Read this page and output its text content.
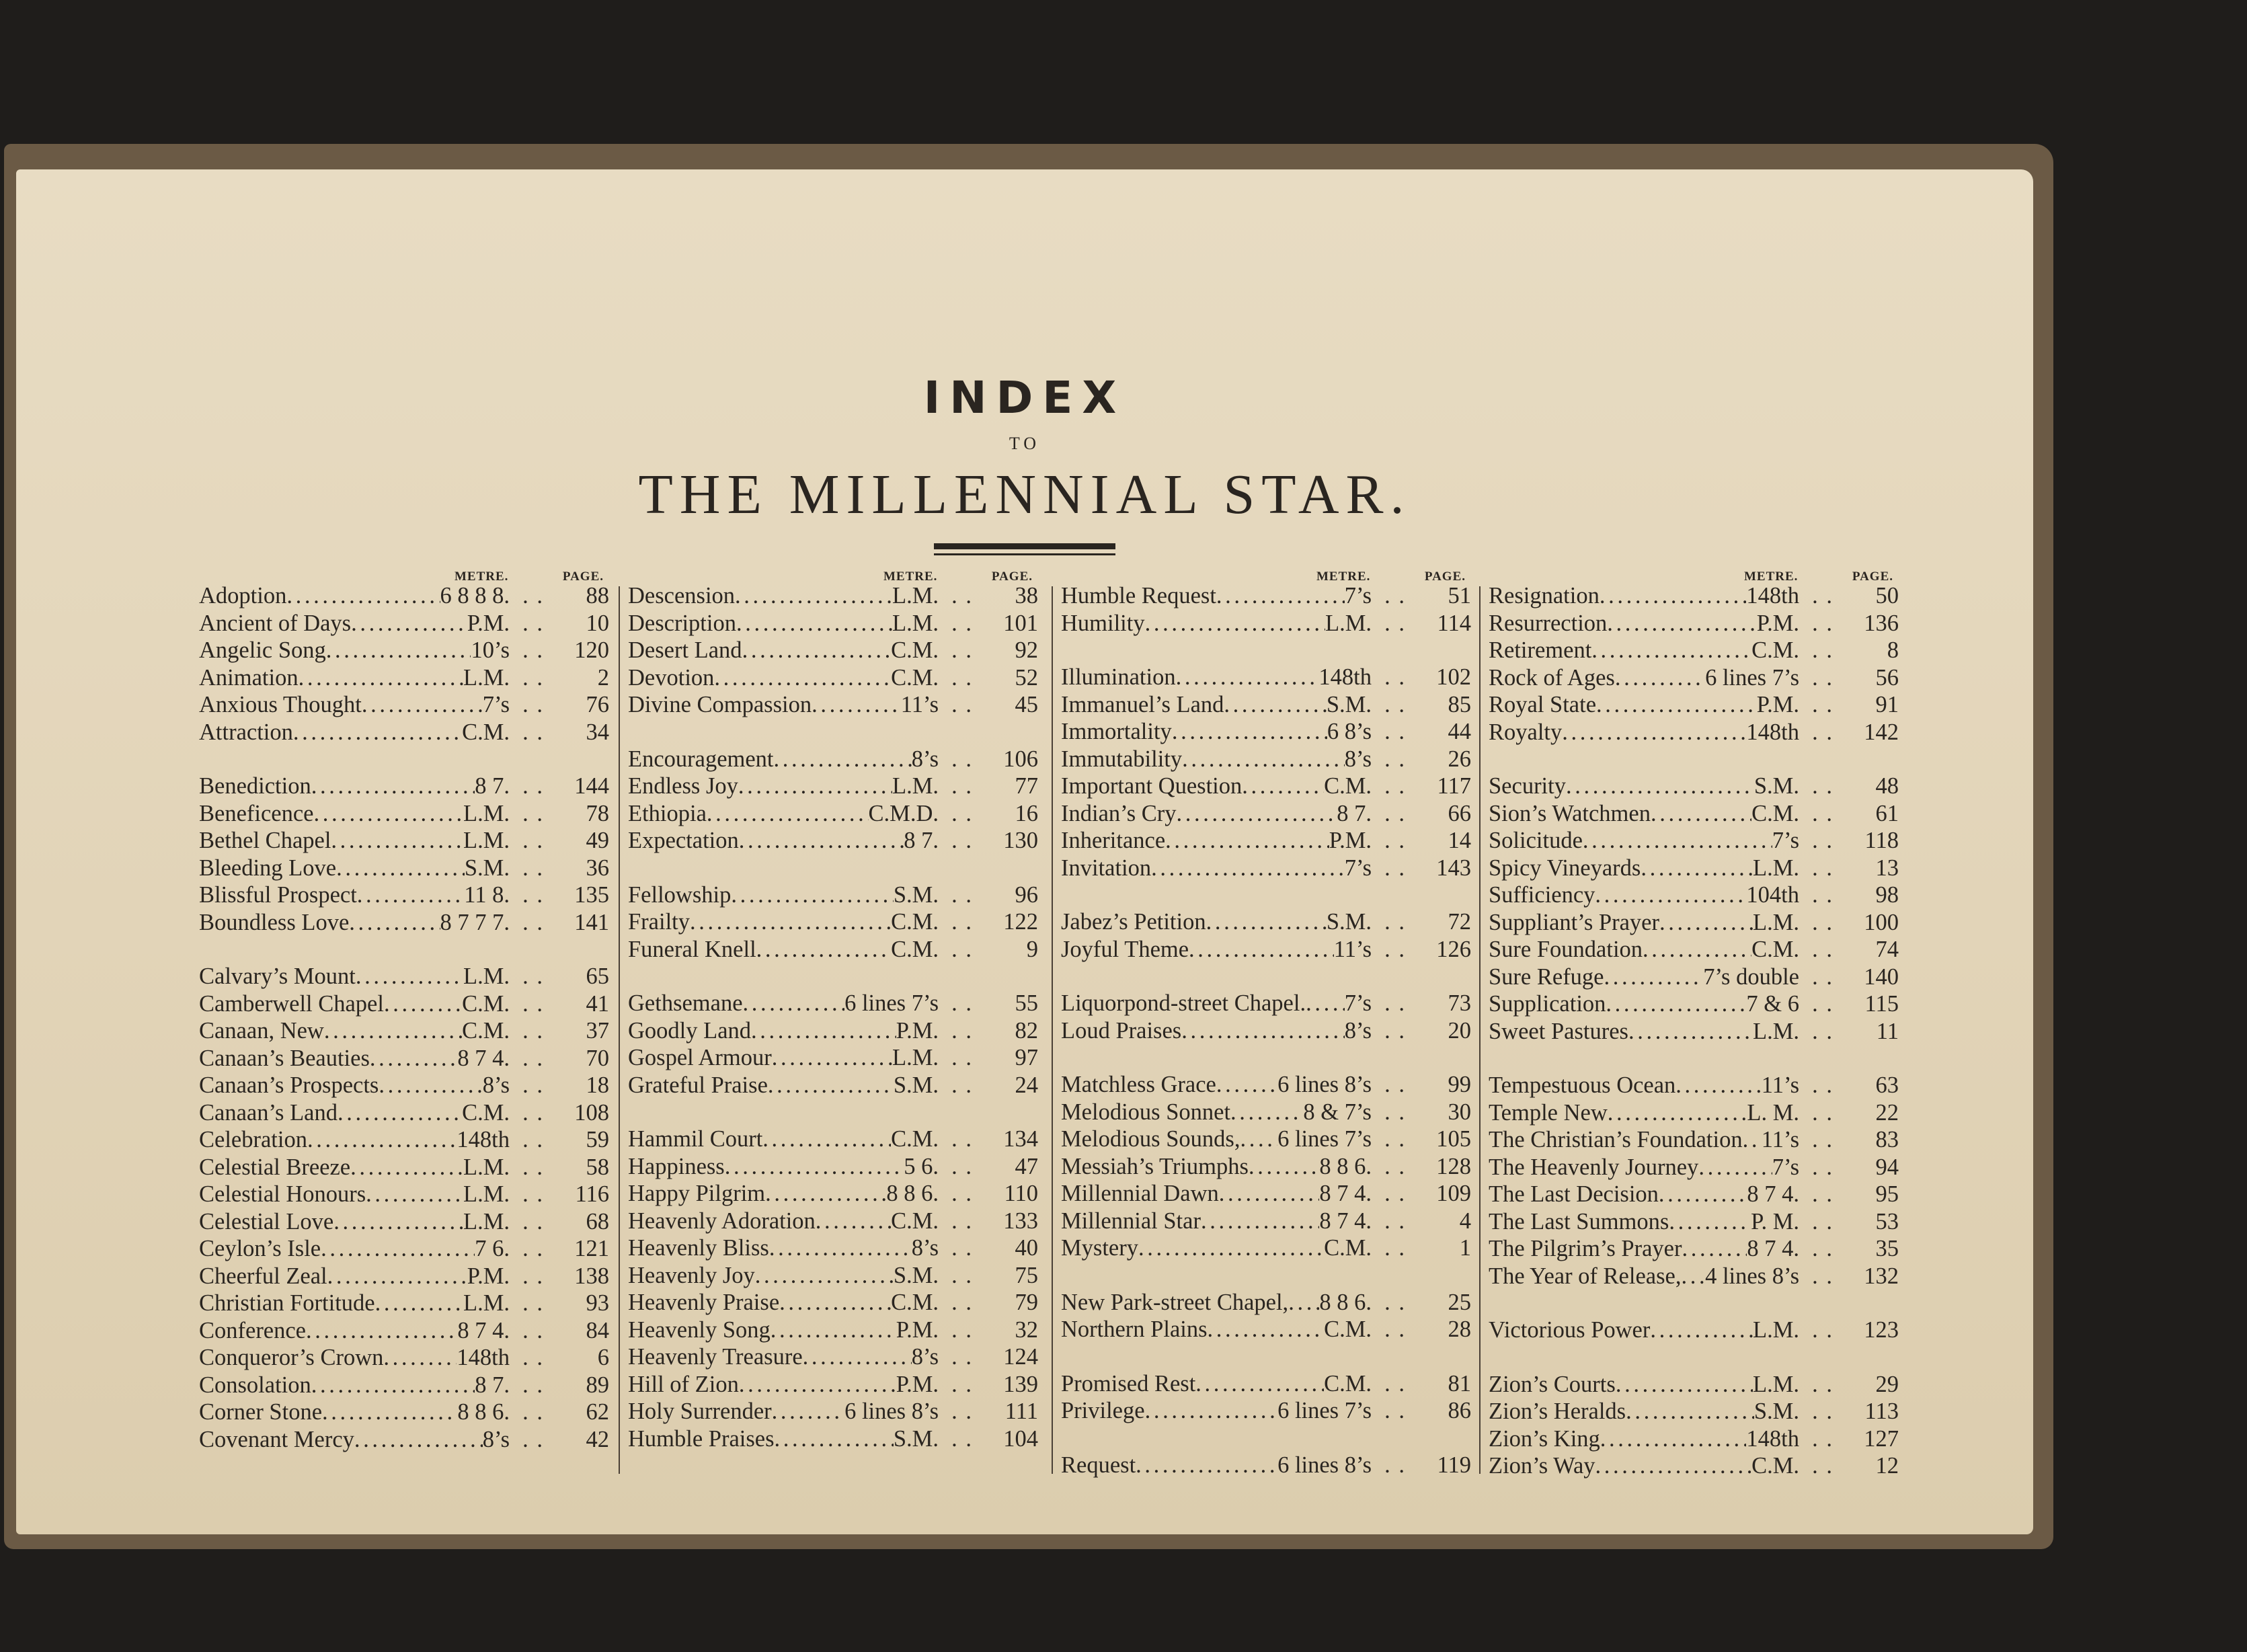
INDEX
TO
THE MILLENNIAL STAR.
METRE.	PAGE.
Adoption . . .	6 8 8 8. . .	88
Ancient of Days . . .	P.M. . .	10
Angelic Song . . .	10’s . .	120
Animation . . .	L.M. . .	2
Anxious Thought . . .	7’s . .	76
Attraction . . .	C.M. . .	34
Benediction . . .	8 7. . .	144
Beneficence . . .	L.M. . .	78
Bethel Chapel . . .	L.M. . .	49
Bleeding Love . . .	S.M. . .	36
Blissful Prospect . . .	11 8. . .	135
Boundless Love . . .	8 7 7 7. . .	141
Calvary’s Mount . . .	L.M. . .	65
Camberwell Chapel . . .	C.M. . .	41
Canaan, New . . .	C.M. . .	37
Canaan’s Beauties . . .	8 7 4. . .	70
Canaan’s Prospects . . .	8’s . .	18
Canaan’s Land . . .	C.M. . .	108
Celebration . . .	148th . .	59
Celestial Breeze . . .	L.M. . .	58
Celestial Honours . . .	L.M. . .	116
Celestial Love . . .	L.M. . .	68
Ceylon’s Isle . . .	7 6. . .	121
Cheerful Zeal . . .	P.M. . .	138
Christian Fortitude . . .	L.M. . .	93
Conference . . .	8 7 4. . .	84
Conqueror’s Crown . . .	148th . .	6
Consolation . . .	8 7. . .	89
Corner Stone . . .	8 8 6. . .	62
Covenant Mercy . . .	8’s . .	42
METRE.	PAGE.
Descension . . .	L.M. . .	38
Description . . .	L.M. . .	101
Desert Land . . .	C.M. . .	92
Devotion . . .	C.M. . .	52
Divine Compassion . . .	11’s . .	45
Encouragement . . .	8’s . .	106
Endless Joy . . .	L.M. . .	77
Ethiopia . . .	C.M.D. . .	16
Expectation . . .	8 7. . .	130
Fellowship . . .	S.M. . .	96
Frailty . . .	C.M. . .	122
Funeral Knell . . .	C.M. . .	9
Gethsemane . . .	6 lines 7’s . .	55
Goodly Land . . .	P.M. . .	82
Gospel Armour . . .	L.M. . .	97
Grateful Praise . . .	S.M. . .	24
Hammil Court . . .	C.M. . .	134
Happiness . . .	5 6. . .	47
Happy Pilgrim . . .	8 8 6. . .	110
Heavenly Adoration . . .	C.M. . .	133
Heavenly Bliss . . .	8’s . .	40
Heavenly Joy . . .	S.M. . .	75
Heavenly Praise . . .	C.M. . .	79
Heavenly Song . . .	P.M. . .	32
Heavenly Treasure . . .	8’s . .	124
Hill of Zion . . .	P.M. . .	139
Holy Surrender . . .	6 lines 8’s . .	111
Humble Praises . . .	S.M. . .	104
METRE.	PAGE.
Humble Request . . .	7’s . .	51
Humility . . .	L.M. . .	114
Illumination . . .	148th . .	102
Immanuel’s Land . . .	S.M. . .	85
Immortality . . .	6 8’s . .	44
Immutability . . .	8’s . .	26
Important Question . . .	C.M. . .	117
Indian’s Cry . . .	8 7. . .	66
Inheritance . . .	P.M. . .	14
Invitation . . .	7’s . .	143
Jabez’s Petition . . .	S.M. . .	72
Joyful Theme . . .	11’s . .	126
Liquorpond-street Chapel. . . . 7’s . .	73
Loud Praises . . .	8’s . .	20
Matchless Grace . . .	6 lines 8’s . .	99
Melodious Sonnet . . .	8 & 7’s . .	30
Melodious Sounds, . . . 6 lines 7’s . .	105
Messiah’s Triumphs . . .	8 8 6. . .	128
Millennial Dawn . . .	8 7 4. . .	109
Millennial Star . . .	8 7 4. . .	4
Mystery . . .	C.M. . .	1
New Park-street Chapel, . . . 8 8 6. . .	25
Northern Plains . . .	C.M. . .	28
Promised Rest . . .	C.M. . .	81
Privilege . . .	6 lines 7’s . .	86
Request . . .	6 lines 8’s . .	119
METRE.	PAGE.
Resignation . . .	148th . .	50
Resurrection . . .	P.M. . .	136
Retirement . . .	C.M. . .	8
Rock of Ages . . .	6 lines 7’s . .	56
Royal State . . .	P.M. . .	91
Royalty . . .	148th . .	142
Security . . .	S.M. . .	48
Sion’s Watchmen . . .	C.M. . .	61
Solicitude . . .	7’s . .	118
Spicy Vineyards . . .	L.M. . .	13
Sufficiency . . .	104th . .	98
Suppliant’s Prayer . . .	L.M. . .	100
Sure Foundation . . .	C.M. . .	74
Sure Refuge . . .	7’s double . .	140
Supplication . . .	7 & 6 . .	115
Sweet Pastures . . .	L.M. . .	11
Tempestuous Ocean . . .	11’s . .	63
Temple New . . .	L. M. . .	22
The Christian’s Foundation . . . 11’s . .	83
The Heavenly Journey . . .	7’s . .	94
The Last Decision . . .	8 7 4. . .	95
The Last Summons . . .	P. M. . .	53
The Pilgrim’s Prayer . . .	8 7 4. . .	35
The Year of Release, . . . 4 lines 8’s . .	132
Victorious Power . . .	L.M. . .	123
Zion’s Courts . . .	L.M. . .	29
Zion’s Heralds . . .	S.M. . .	113
Zion’s King . . .	148th . .	127
Zion’s Way . . .	C.M. . .	12
